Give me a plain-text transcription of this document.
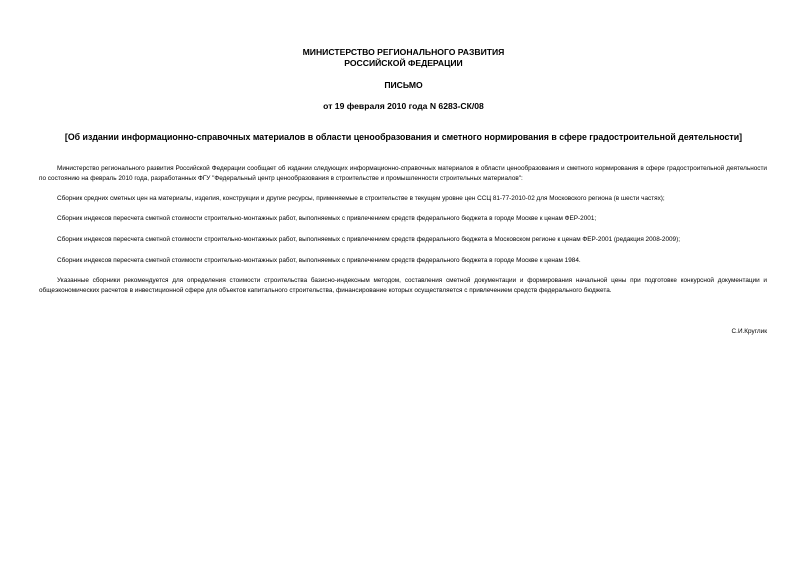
МИНИСТЕРСТВО РЕГИОНАЛЬНОГО РАЗВИТИЯ
РОССИЙСКОЙ ФЕДЕРАЦИИ
ПИСЬМО
от 19 февраля 2010 года N 6283-СК/08
[Об издании информационно-справочных материалов в области ценообразования и сметного нормирования в сфере градостроительной деятельности]

Министерство регионального развития Российской Федерации сообщает об издании следующих информационно-справочных материалов в области ценообразования и сметного нормирования в сфере градостроительной деятельности по состоянию на февраль 2010 года, разработанных ФГУ "Федеральный центр ценообразования в строительстве и промышленности строительных материалов":

Сборник средних сметных цен на материалы, изделия, конструкции и другие ресурсы, применяемые в строительстве в текущем уровне цен ССЦ 81-77-2010-02 для Московского региона (в шести частях);

Сборник индексов пересчета сметной стоимости строительно-монтажных работ, выполняемых с привлечением средств федерального бюджета в городе Москве к ценам ФЕР-2001;

Сборник индексов пересчета сметной стоимости строительно-монтажных работ, выполняемых с привлечением средств федерального бюджета в Московском регионе к ценам ФЕР-2001 (редакция 2008-2009);

Сборник индексов пересчета сметной стоимости строительно-монтажных работ, выполняемых с привлечением средств федерального бюджета в городе Москве к ценам 1984.

Указанные сборники рекомендуется для определения стоимости строительства базисно-индексным методом, составления сметной документации и формирования начальной цены при подготовке конкурсной документации и общеэкономических расчетов в инвестиционной сфере для объектов капитального строительства, финансирование которых осуществляется с привлечением средств федерального бюджета.

С.И.Круглик
